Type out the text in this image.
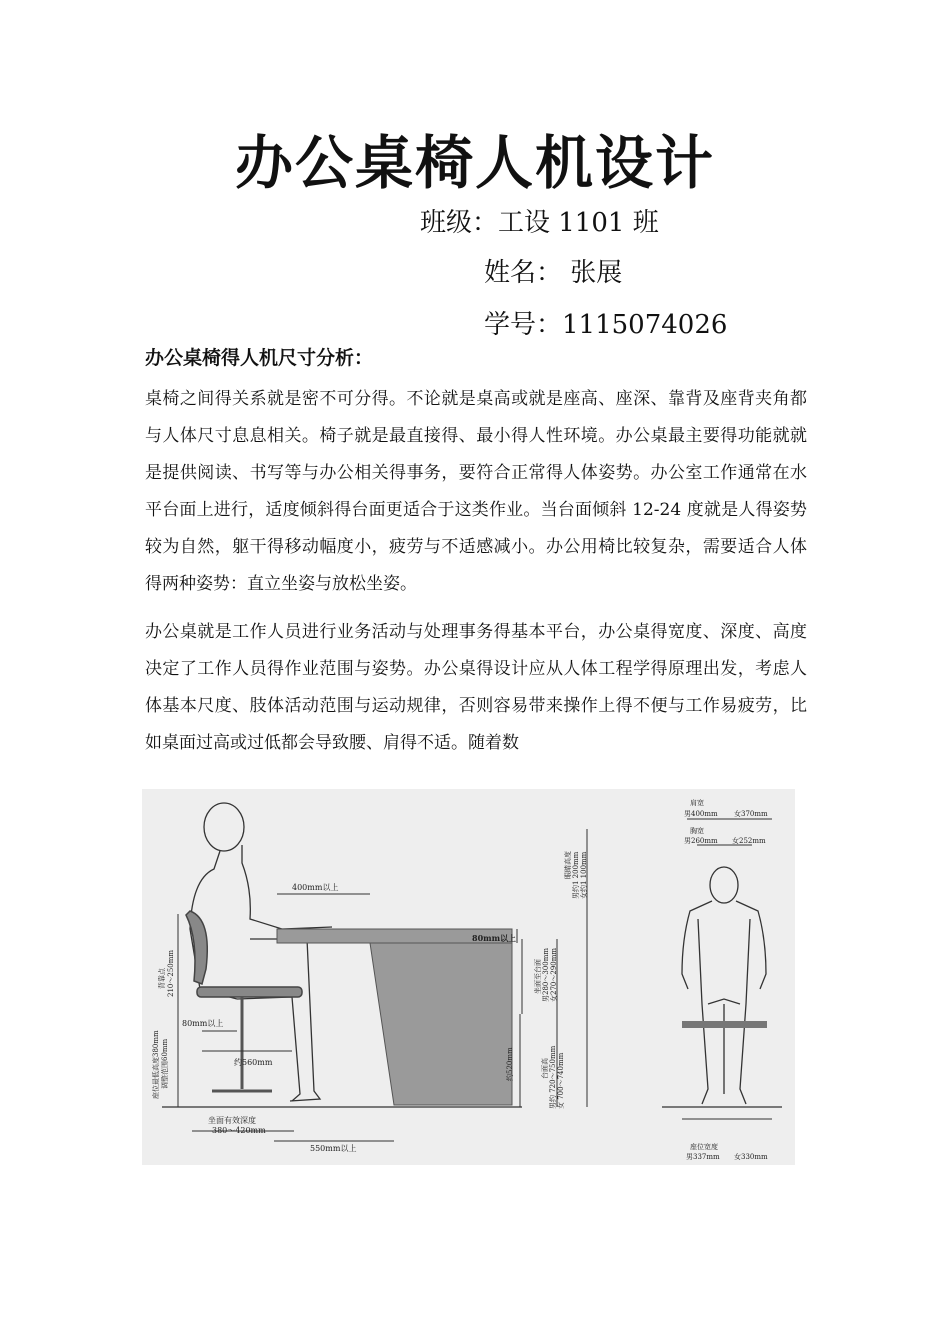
办公桌椅人机设计
班级：工设 1101 班
姓名： 张展
学号：1115074026
办公桌椅得人机尺寸分析：

桌椅之间得关系就是密不可分得。不论就是桌高或就是座高、座深、靠背及座背夹角都与人体尺寸息息相关。椅子就是最直接得、最小得人性环境。办公桌最主要得功能就就是提供阅读、书写等与办公相关得事务，要符合正常得人体姿势。办公室工作通常在水平台面上进行，适度倾斜得台面更适合于这类作业。当台面倾斜 12-24 度就是人得姿势较为自然，躯干得移动幅度小，疲劳与不适感减小。办公用椅比较复杂，需要适合人体得两种姿势：直立坐姿与放松坐姿。

办公桌就是工作人员进行业务活动与处理事务得基本平台，办公桌得宽度、深度、高度决定了工作人员得作业范围与姿势。办公桌得设计应从人体工程学得原理出发，考虑人体基本尺度、肢体活动范围与运动规律，否则容易带来操作上得不便与工作易疲劳，比如桌面过高或过低都会导致腰、肩得不适。随着数

400mm以上
80mm以上
眼睛高度 男约1 200mm 女约1 100mm
坐面至台面 男280～300mm 女270～290mm
台面高 男约 720～750mm 女 700～740mm
约520mm
背靠点 210～250mm
座位最低高度380mm 调整范围60mm
80mm以上
约560mm
坐面有效深度
380～420mm
550mm以上
肩宽
男400mm 女370mm
胸宽
男260mm 女252mm
座位宽度
男337mm 女330mm
